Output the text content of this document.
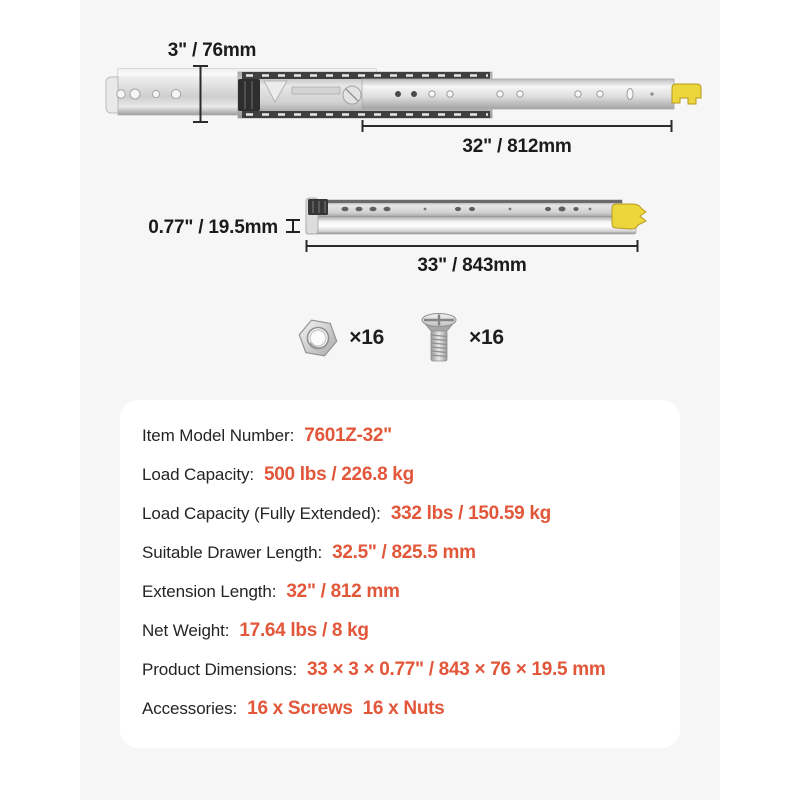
3" / 76mm
32" / 812mm
0.77" / 19.5mm
33" / 843mm
×16	×16
Item Model Number: 7601Z-32"
Load Capacity: 500 lbs / 226.8 kg
Load Capacity (Fully Extended): 332 lbs / 150.59 kg
Suitable Drawer Length: 32.5" / 825.5 mm
Extension Length: 32" / 812 mm
Net Weight: 17.64 lbs / 8 kg
Product Dimensions: 33 × 3 × 0.77" / 843 × 76 × 19.5 mm
Accessories: 16 x Screws  16 x Nuts
